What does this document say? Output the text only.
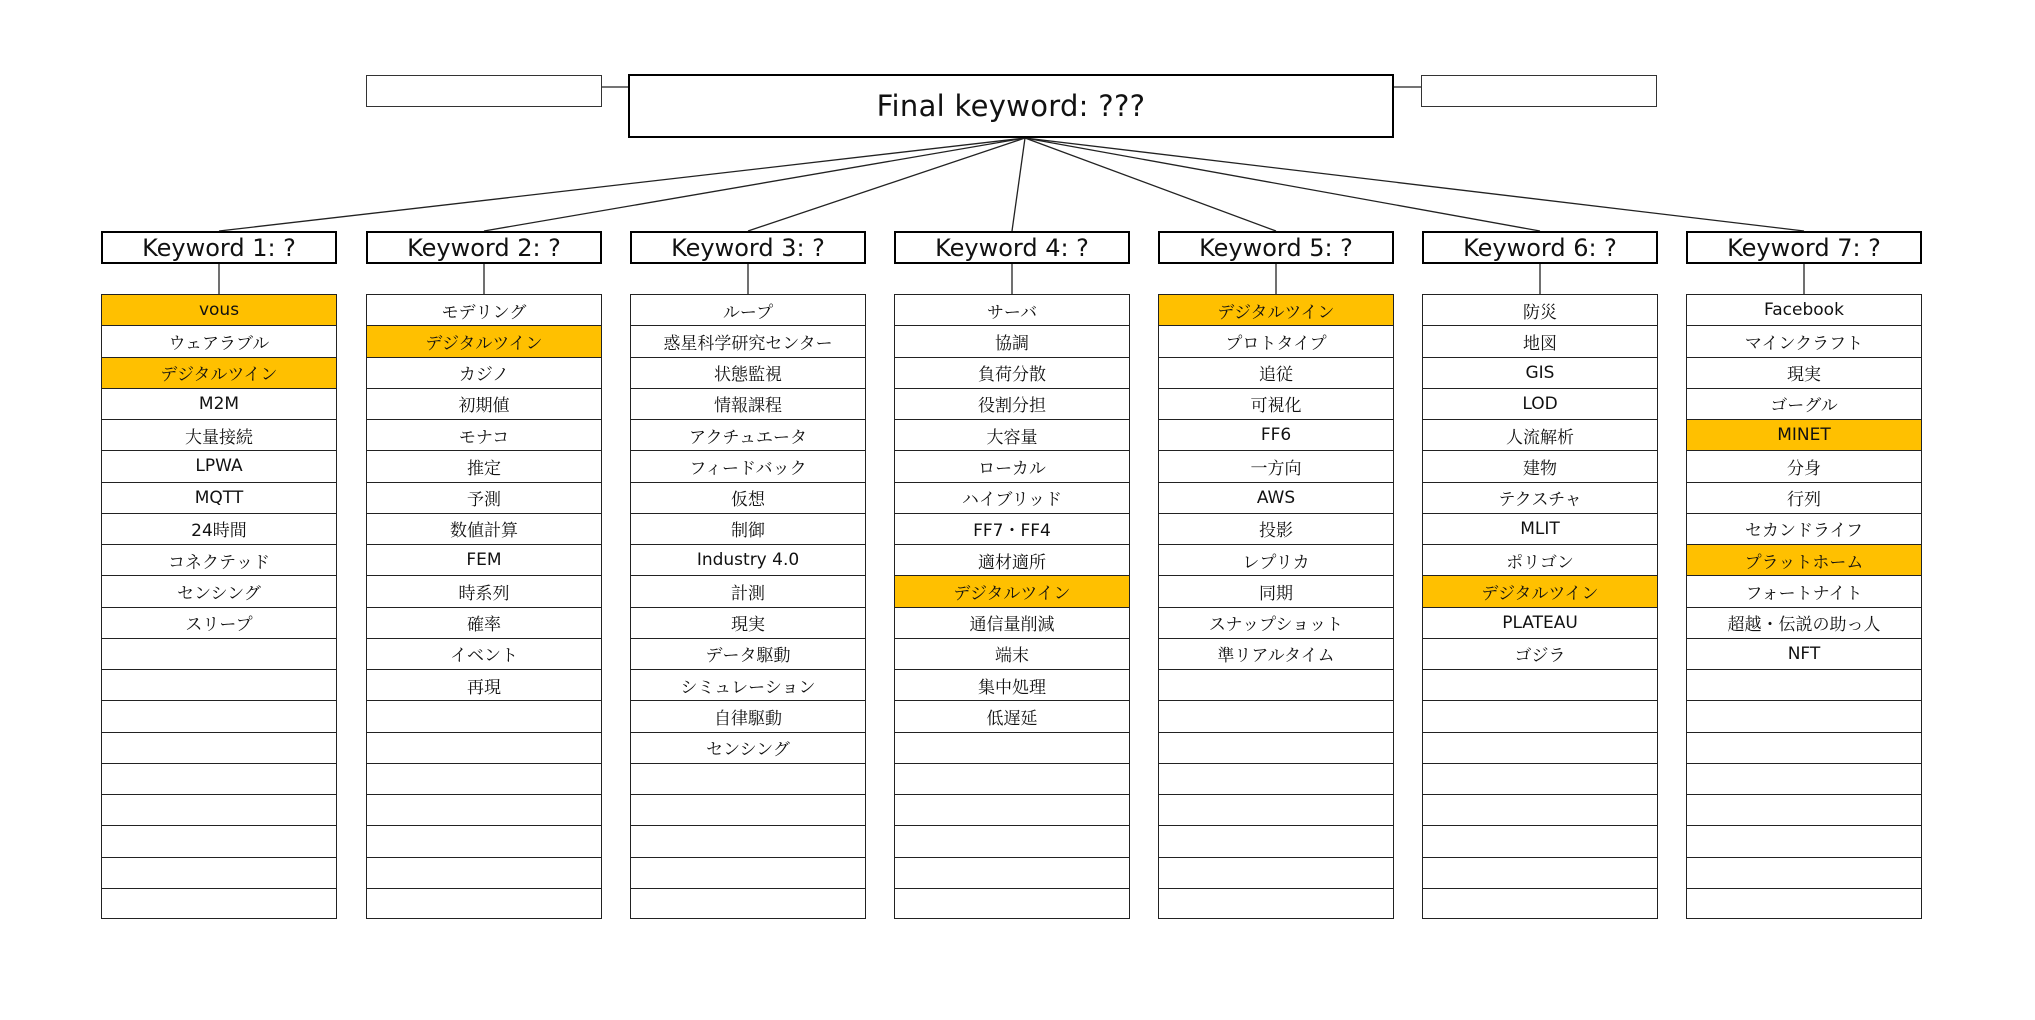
Final keyword: ???
Keyword 1: ?
vous
ウェアラブル
デジタルツイン
M2M
大量接続
LPWA
MQTT
24時間
コネクテッド
センシング
スリープ
Keyword 2: ?
モデリング
デジタルツイン
カジノ
初期値
モナコ
推定
予測
数値計算
FEM
時系列
確率
イベント
再現
Keyword 3: ?
ループ
惑星科学研究センター
状態監視
情報課程
アクチュエータ
フィードバック
仮想
制御
Industry 4.0
計測
現実
データ駆動
シミュレーション
自律駆動
センシング
Keyword 4: ?
サーバ
協調
負荷分散
役割分担
大容量
ローカル
ハイブリッド
FF7・FF4
適材適所
デジタルツイン
通信量削減
端末
集中処理
低遅延
Keyword 5: ?
デジタルツイン
プロトタイプ
追従
可視化
FF6
一方向
AWS
投影
レプリカ
同期
スナップショット
準リアルタイム
Keyword 6: ?
防災
地図
GIS
LOD
人流解析
建物
テクスチャ
MLIT
ポリゴン
デジタルツイン
PLATEAU
ゴジラ
Keyword 7: ?
Facebook
マインクラフト
現実
ゴーグル
MINET
分身
行列
セカンドライフ
プラットホーム
フォートナイト
超越・伝説の助っ人
NFT
